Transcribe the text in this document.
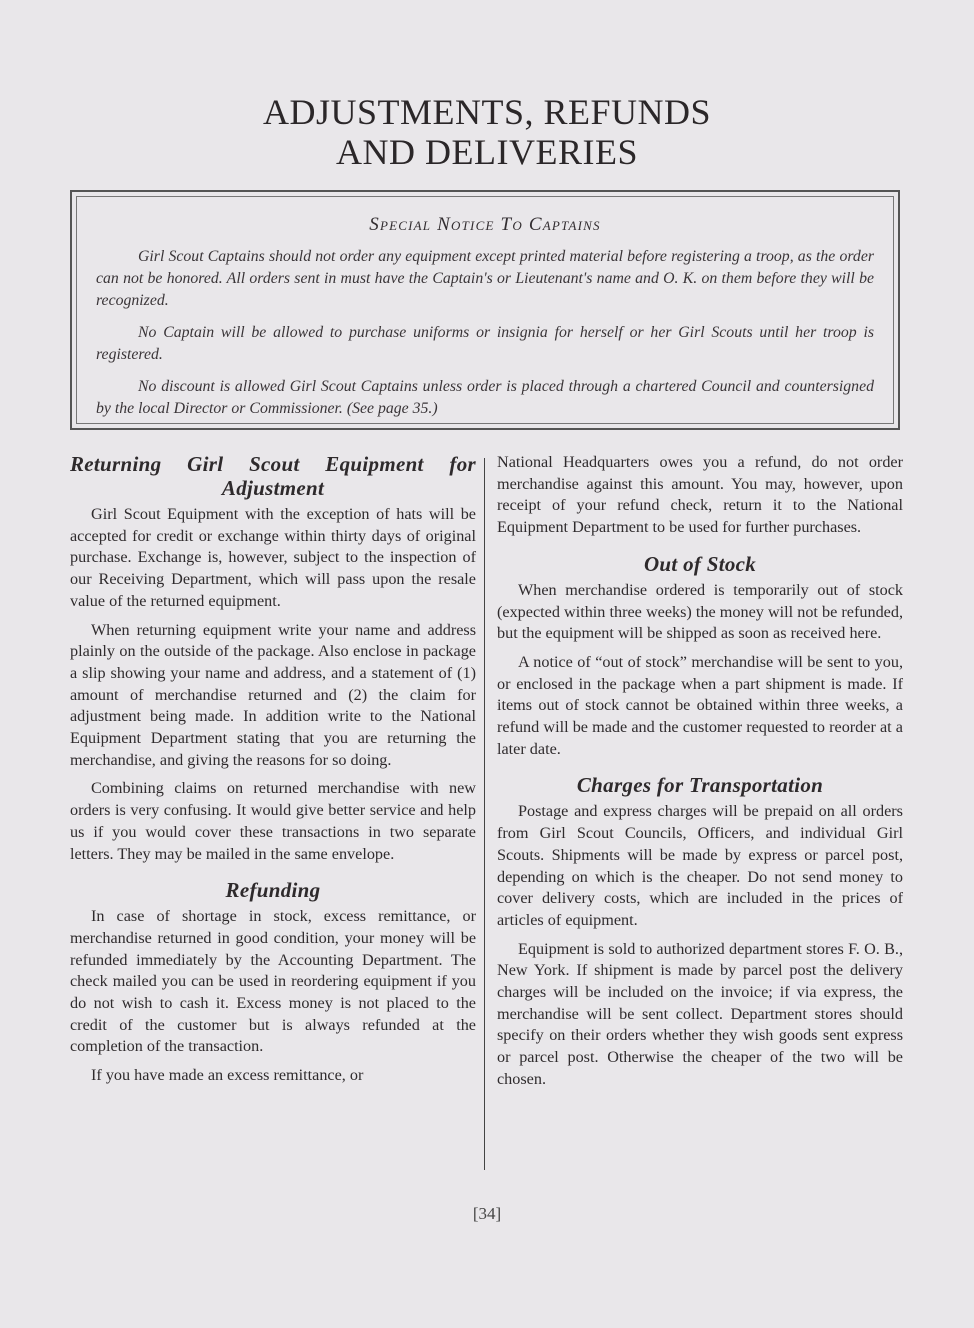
ADJUSTMENTS, REFUNDS
AND DELIVERIES

Special Notice To Captains

Girl Scout Captains should not order any equipment except printed material before registering a troop, as the order can not be honored. All orders sent in must have the Captain's or Lieutenant's name and O. K. on them before they will be recognized.

No Captain will be allowed to purchase uniforms or insignia for herself or her Girl Scouts until her troop is registered.

No discount is allowed Girl Scout Captains unless order is placed through a chartered Council and countersigned by the local Director or Commissioner. (See page 35.)

Returning Girl Scout Equipment for Adjustment

Girl Scout Equipment with the exception of hats will be accepted for credit or exchange within thirty days of original purchase. Exchange is, however, subject to the inspection of our Receiving Department, which will pass upon the resale value of the returned equipment.

When returning equipment write your name and address plainly on the outside of the package. Also enclose in package a slip showing your name and address, and a statement of (1) amount of merchandise returned and (2) the claim for adjustment being made. In addition write to the National Equipment Department stating that you are returning the merchandise, and giving the reasons for so doing.

Combining claims on returned merchandise with new orders is very confusing. It would give better service and help us if you would cover these transactions in two separate letters. They may be mailed in the same envelope.

Refunding

In case of shortage in stock, excess remittance, or merchandise returned in good condition, your money will be refunded immediately by the Accounting Department. The check mailed you can be used in reordering equipment if you do not wish to cash it. Excess money is not placed to the credit of the customer but is always refunded at the completion of the transaction.

If you have made an excess remittance, or

National Headquarters owes you a refund, do not order merchandise against this amount. You may, however, upon receipt of your refund check, return it to the National Equipment Department to be used for further purchases.

Out of Stock

When merchandise ordered is temporarily out of stock (expected within three weeks) the money will not be refunded, but the equipment will be shipped as soon as received here.

A notice of “out of stock” merchandise will be sent to you, or enclosed in the package when a part shipment is made. If items out of stock cannot be obtained within three weeks, a refund will be made and the customer requested to reorder at a later date.

Charges for Transportation

Postage and express charges will be prepaid on all orders from Girl Scout Councils, Officers, and individual Girl Scouts. Shipments will be made by express or parcel post, depending on which is the cheaper. Do not send money to cover delivery costs, which are included in the prices of articles of equipment.

Equipment is sold to authorized department stores F. O. B., New York. If shipment is made by parcel post the delivery charges will be included on the invoice; if via express, the merchandise will be sent collect. Department stores should specify on their orders whether they wish goods sent express or parcel post. Otherwise the cheaper of the two will be chosen.

[34]
